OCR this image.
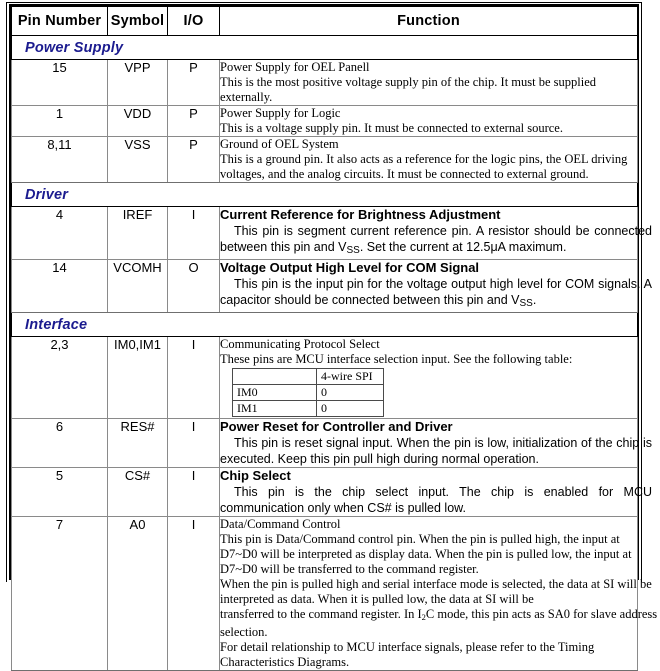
Pin Number	Symbol	I/O	Function
Power Supply
15	VPP	P	Power Supply for OEL Panell
This is the most positive voltage supply pin of the chip. It must be supplied externally.

1	VDD	P	Power Supply for Logic
This is a voltage supply pin. It must be connected to external source.

8,11	VSS	P	Ground of OEL System
This is a ground pin. It also acts as a reference for the logic pins, the OEL driving voltages, and the analog circuits. It must be connected to external ground.

Driver
4	IREF	I	Current Reference for Brightness Adjustment
This pin is segment current reference pin. A resistor should be connected between this pin and $V_{SS}$. Set the current at 12.5μA maximum.

14	VCOMH	O	Voltage Output High Level for COM Signal
This pin is the input pin for the voltage output high level for COM signals. A capacitor should be connected between this pin and $V_{SS}$.

Interface
2,3	IM0,IM1	I	Communicating Protocol Select
These pins are MCU interface selection input. See the following table:
	4-wire SPI
IM0	0
IM1	0

6	RES#	I	Power Reset for Controller and Driver
This pin is reset signal input. When the pin is low, initialization of the chip is executed. Keep this pin pull high during normal operation.

5	CS#	I	Chip Select
This pin is the chip select input. The chip is enabled for MCU communication only when CS# is pulled low.

7	A0	I	Data/Command Control
This pin is Data/Command control pin. When the pin is pulled high, the input at D7~D0 will be interpreted as display data. When the pin is pulled low, the input at D7~D0 will be transferred to the command register.
When the pin is pulled high and serial interface mode is selected, the data at SI will be interpreted as data. When it is pulled low, the data at SI will be
transferred to the command register. In $I_2C$ mode, this pin acts as SA0 for slave address selection.
For detail relationship to MCU interface signals, please refer to the Timing Characteristics Diagrams.
